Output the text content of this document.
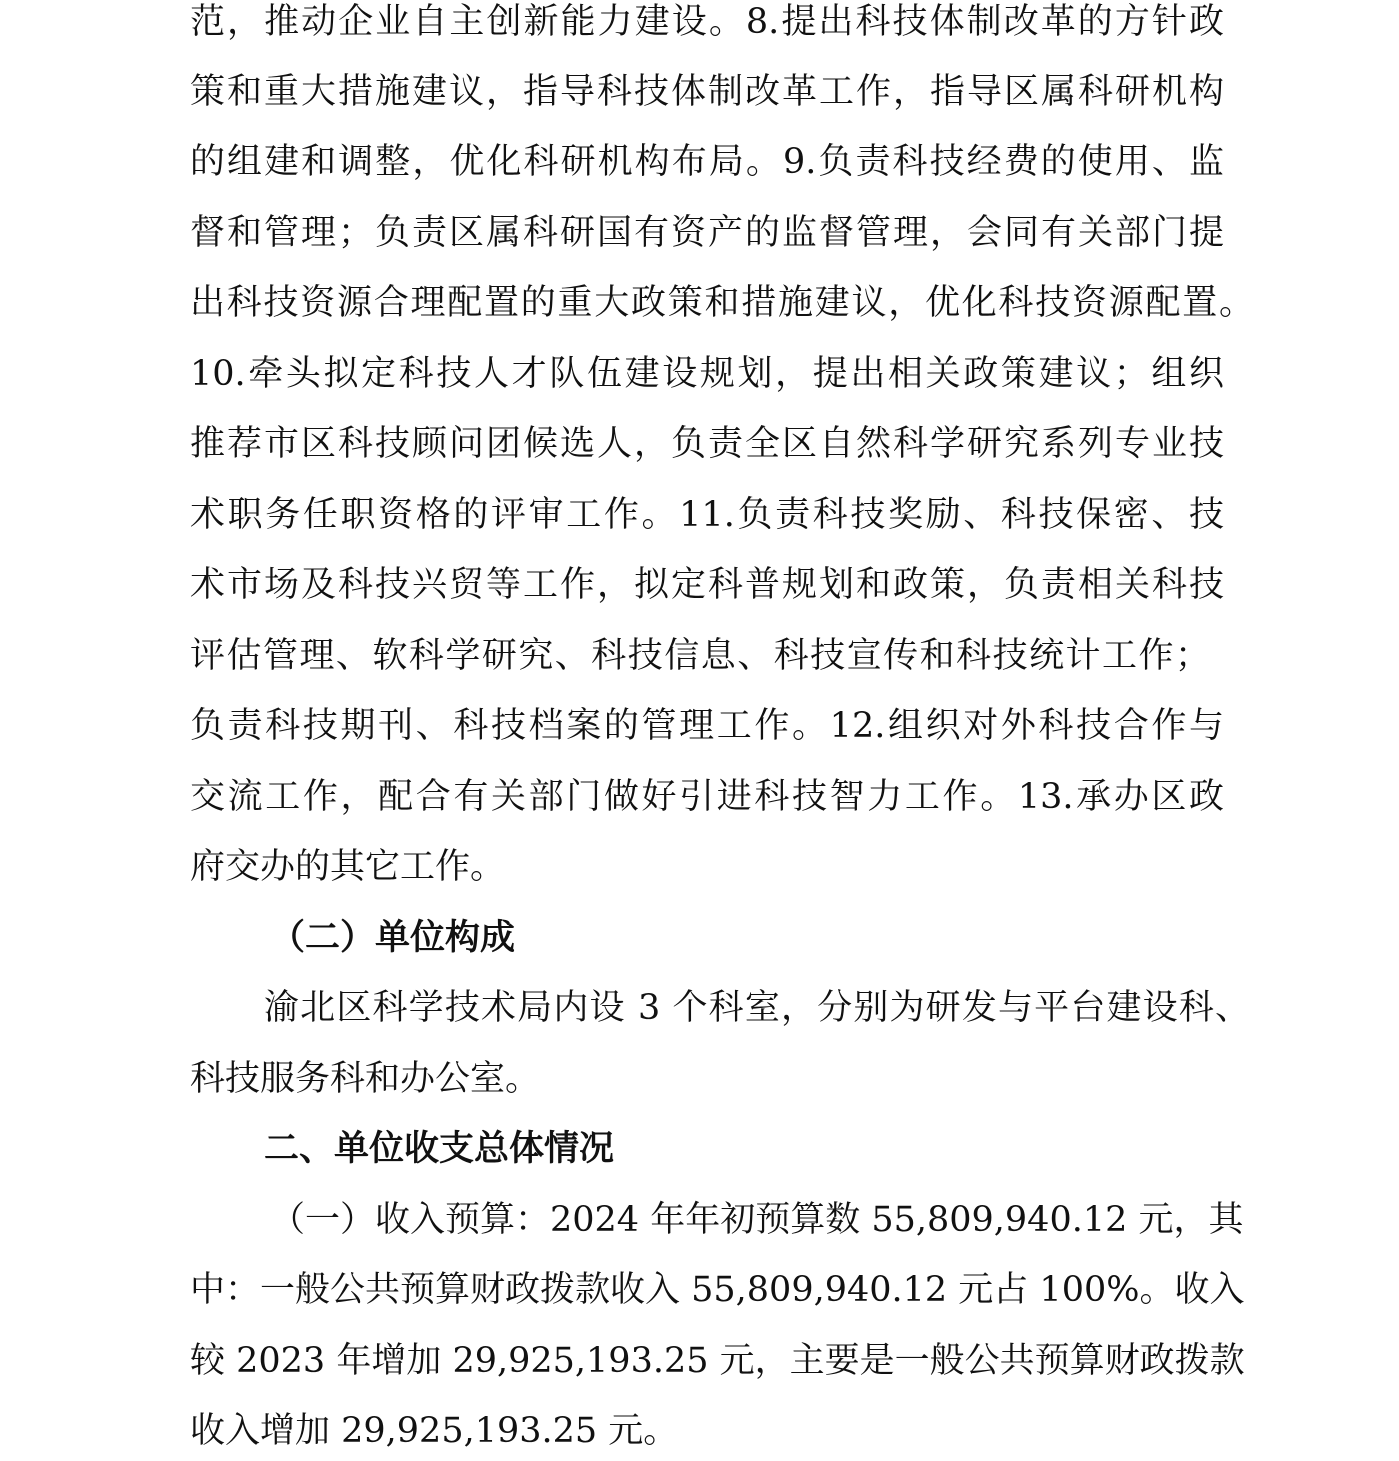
范，推动企业自主创新能力建设。8.提出科技体制改革的方针政
策和重大措施建议，指导科技体制改革工作，指导区属科研机构
的组建和调整，优化科研机构布局。9.负责科技经费的使用、监
督和管理；负责区属科研国有资产的监督管理，会同有关部门提
出科技资源合理配置的重大政策和措施建议，优化科技资源配置。
10.牵头拟定科技人才队伍建设规划，提出相关政策建议；组织
推荐市区科技顾问团候选人，负责全区自然科学研究系列专业技
术职务任职资格的评审工作。11.负责科技奖励、科技保密、技
术市场及科技兴贸等工作，拟定科普规划和政策，负责相关科技
评估管理、软科学研究、科技信息、科技宣传和科技统计工作；
负责科技期刊、科技档案的管理工作。12.组织对外科技合作与
交流工作，配合有关部门做好引进科技智力工作。13.承办区政
府交办的其它工作。
（二）单位构成
渝北区科学技术局内设 3 个科室，分别为研发与平台建设科、
科技服务科和办公室。
二、单位收支总体情况
（一）收入预算：2024 年年初预算数 55,809,940.12 元，其
中：一般公共预算财政拨款收入 55,809,940.12 元占 100%。收入
较 2023 年增加 29,925,193.25 元，主要是一般公共预算财政拨款
收入增加 29,925,193.25 元。
